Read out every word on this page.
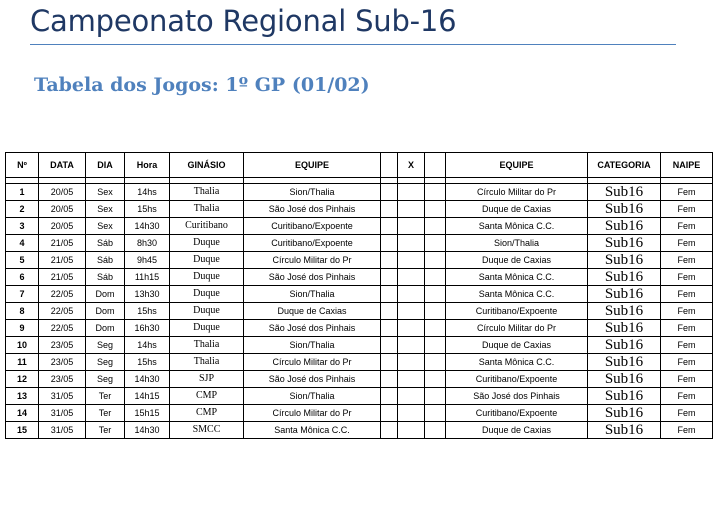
Campeonato Regional Sub-16
Tabela dos Jogos: 1º GP (01/02)
Nº	DATA	DIA	Hora	GINÁSIO	EQUIPE		X		EQUIPE	CATEGORIA	NAIPE

1	20/05	Sex	14hs	Thalia	Sion/Thalia				Círculo Militar do Pr	Sub16	Fem
2	20/05	Sex	15hs	Thalia	São José dos Pinhais				Duque de Caxias	Sub16	Fem
3	20/05	Sex	14h30	Curitibano	Curitibano/Expoente				Santa Mônica C.C.	Sub16	Fem
4	21/05	Sáb	8h30	Duque	Curitibano/Expoente				Sion/Thalia	Sub16	Fem
5	21/05	Sáb	9h45	Duque	Círculo Militar do Pr				Duque de Caxias	Sub16	Fem
6	21/05	Sáb	11h15	Duque	São José dos Pinhais				Santa Mônica C.C.	Sub16	Fem
7	22/05	Dom	13h30	Duque	Sion/Thalia				Santa Mônica C.C.	Sub16	Fem
8	22/05	Dom	15hs	Duque	Duque de Caxias				Curitibano/Expoente	Sub16	Fem
9	22/05	Dom	16h30	Duque	São José dos Pinhais				Círculo Militar do Pr	Sub16	Fem
10	23/05	Seg	14hs	Thalia	Sion/Thalia				Duque de Caxias	Sub16	Fem
11	23/05	Seg	15hs	Thalia	Círculo Militar do Pr				Santa Mônica C.C.	Sub16	Fem
12	23/05	Seg	14h30	SJP	São José dos Pinhais				Curitibano/Expoente	Sub16	Fem
13	31/05	Ter	14h15	CMP	Sion/Thalia				São José dos Pinhais	Sub16	Fem
14	31/05	Ter	15h15	CMP	Círculo Militar do Pr				Curitibano/Expoente	Sub16	Fem
15	31/05	Ter	14h30	SMCC	Santa Mônica C.C.				Duque de Caxias	Sub16	Fem
